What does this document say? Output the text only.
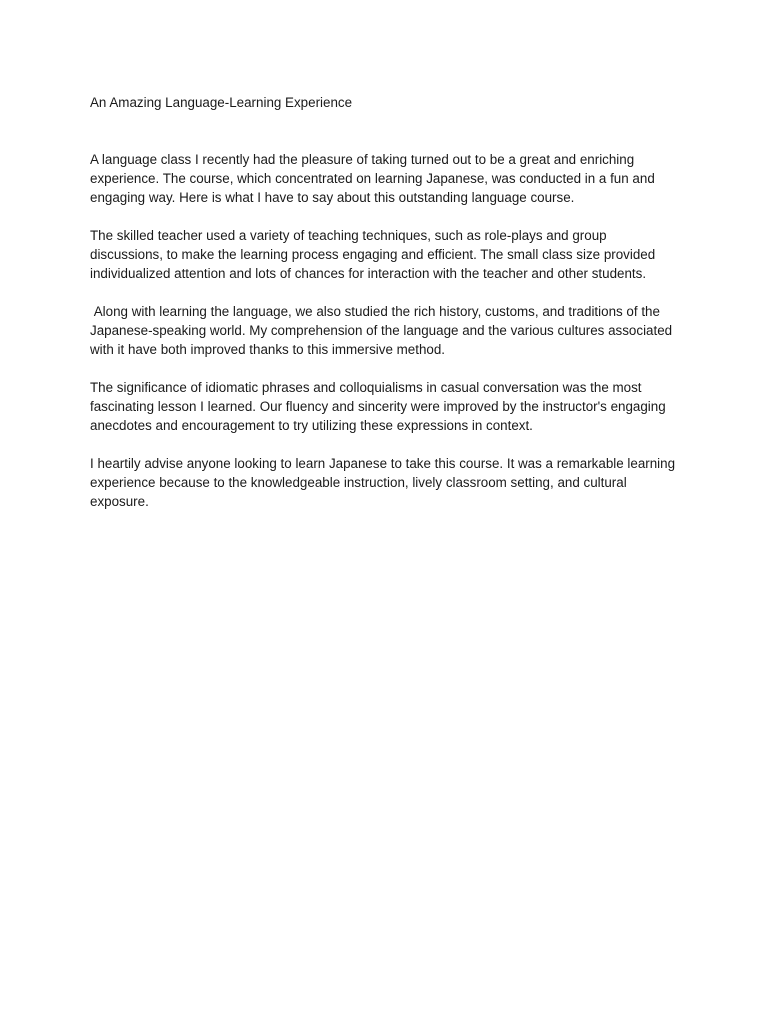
An Amazing Language-Learning Experience

A language class I recently had the pleasure of taking turned out to be a great and enriching experience. The course, which concentrated on learning Japanese, was conducted in a fun and engaging way. Here is what I have to say about this outstanding language course.

The skilled teacher used a variety of teaching techniques, such as role-plays and group discussions, to make the learning process engaging and efficient. The small class size provided individualized attention and lots of chances for interaction with the teacher and other students.

Along with learning the language, we also studied the rich history, customs, and traditions of the Japanese-speaking world. My comprehension of the language and the various cultures associated with it have both improved thanks to this immersive method.

The significance of idiomatic phrases and colloquialisms in casual conversation was the most fascinating lesson I learned. Our fluency and sincerity were improved by the instructor's engaging anecdotes and encouragement to try utilizing these expressions in context.

I heartily advise anyone looking to learn Japanese to take this course. It was a remarkable learning experience because to the knowledgeable instruction, lively classroom setting, and cultural exposure.
